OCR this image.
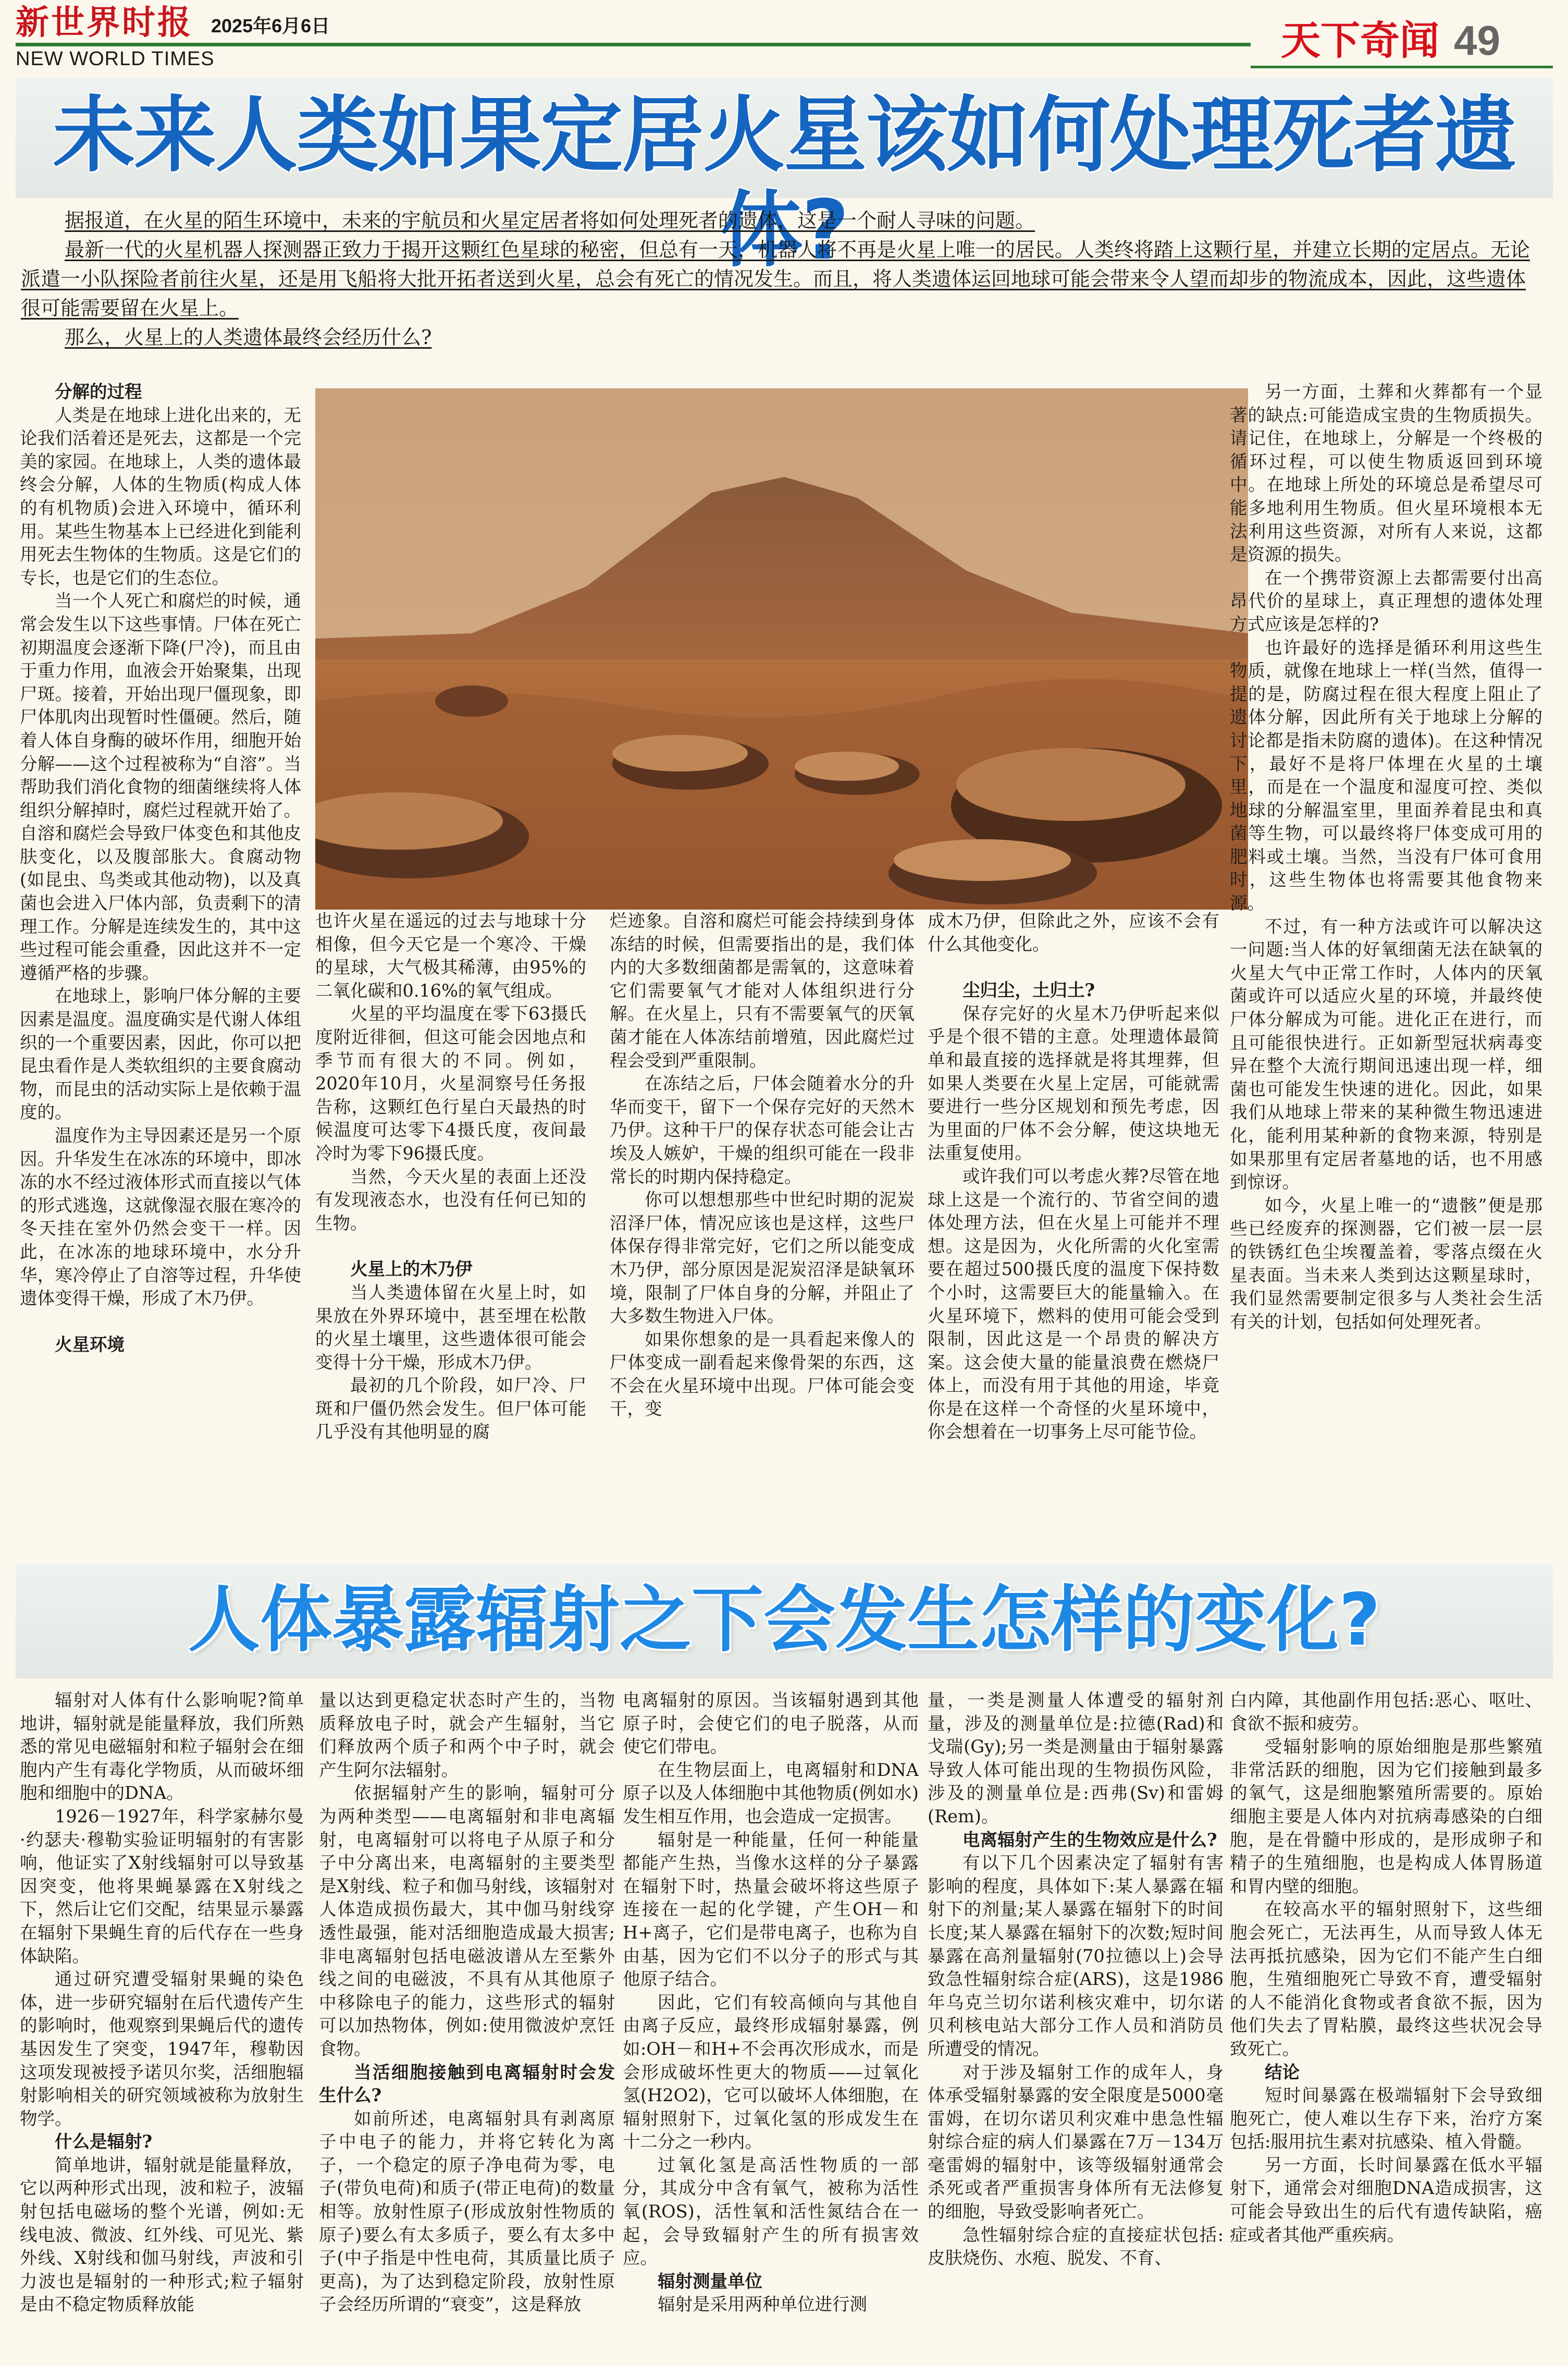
新世界时报 2025年6月6日
NEW WORLD TIMES	天下奇闻 49
未来人类如果定居火星该如何处理死者遗体?

据报道，在火星的陌生环境中，未来的宇航员和火星定居者将如何处理死者的遗体，这是一个耐人寻味的问题。

最新一代的火星机器人探测器正致力于揭开这颗红色星球的秘密，但总有一天，机器人将不再是火星上唯一的居民。人类终将踏上这颗行星，并建立长期的定居点。无论派遣一小队探险者前往火星，还是用飞船将大批开拓者送到火星，总会有死亡的情况发生。而且，将人类遗体运回地球可能会带来令人望而却步的物流成本，因此，这些遗体很可能需要留在火星上。

那么，火星上的人类遗体最终会经历什么?

分解的过程

人类是在地球上进化出来的，无论我们活着还是死去，这都是一个完美的家园。在地球上，人类的遗体最终会分解，人体的生物质(构成人体的有机物质)会进入环境中，循环利用。某些生物基本上已经进化到能利用死去生物体的生物质。这是它们的专长，也是它们的生态位。

当一个人死亡和腐烂的时候，通常会发生以下这些事情。尸体在死亡初期温度会逐渐下降(尸冷)，而且由于重力作用，血液会开始聚集，出现尸斑。接着，开始出现尸僵现象，即尸体肌肉出现暂时性僵硬。然后，随着人体自身酶的破坏作用，细胞开始分解——这个过程被称为“自溶”。当帮助我们消化食物的细菌继续将人体组织分解掉时，腐烂过程就开始了。自溶和腐烂会导致尸体变色和其他皮肤变化，以及腹部胀大。食腐动物(如昆虫、鸟类或其他动物)，以及真菌也会进入尸体内部，负责剩下的清理工作。分解是连续发生的，其中这些过程可能会重叠，因此这并不一定遵循严格的步骤。

在地球上，影响尸体分解的主要因素是温度。温度确实是代谢人体组织的一个重要因素，因此，你可以把昆虫看作是人类软组织的主要食腐动物，而昆虫的活动实际上是依赖于温度的。

温度作为主导因素还是另一个原因。升华发生在冰冻的环境中，即冰冻的水不经过液体形式而直接以气体的形式逃逸，这就像湿衣服在寒冷的冬天挂在室外仍然会变干一样。因此，在冰冻的地球环境中，水分升华，寒冷停止了自溶等过程，升华使遗体变得干燥，形成了木乃伊。

火星环境

也许火星在遥远的过去与地球十分相像，但今天它是一个寒冷、干燥的星球，大气极其稀薄，由95%的二氧化碳和0.16%的氧气组成。

火星的平均温度在零下63摄氏度附近徘徊，但这可能会因地点和季节而有很大的不同。例如，2020年10月，火星洞察号任务报告称，这颗红色行星白天最热的时候温度可达零下4摄氏度，夜间最冷时为零下96摄氏度。

当然，今天火星的表面上还没有发现液态水，也没有任何已知的生物。

火星上的木乃伊

当人类遗体留在火星上时，如果放在外界环境中，甚至埋在松散的火星土壤里，这些遗体很可能会变得十分干燥，形成木乃伊。

最初的几个阶段，如尸冷、尸斑和尸僵仍然会发生。但尸体可能几乎没有其他明显的腐

烂迹象。自溶和腐烂可能会持续到身体冻结的时候，但需要指出的是，我们体内的大多数细菌都是需氧的，这意味着它们需要氧气才能对人体组织进行分解。在火星上，只有不需要氧气的厌氧菌才能在人体冻结前增殖，因此腐烂过程会受到严重限制。

在冻结之后，尸体会随着水分的升华而变干，留下一个保存完好的天然木乃伊。这种干尸的保存状态可能会让古埃及人嫉妒，干燥的组织可能在一段非常长的时期内保持稳定。

你可以想想那些中世纪时期的泥炭沼泽尸体，情况应该也是这样，这些尸体保存得非常完好，它们之所以能变成木乃伊，部分原因是泥炭沼泽是缺氧环境，限制了尸体自身的分解，并阻止了大多数生物进入尸体。

如果你想象的是一具看起来像人的尸体变成一副看起来像骨架的东西，这不会在火星环境中出现。尸体可能会变干，变

成木乃伊，但除此之外，应该不会有什么其他变化。

尘归尘，土归土?

保存完好的火星木乃伊听起来似乎是个很不错的主意。处理遗体最简单和最直接的选择就是将其埋葬，但如果人类要在火星上定居，可能就需要进行一些分区规划和预先考虑，因为里面的尸体不会分解，使这块地无法重复使用。

或许我们可以考虑火葬?尽管在地球上这是一个流行的、节省空间的遗体处理方法，但在火星上可能并不理想。这是因为，火化所需的火化室需要在超过500摄氏度的温度下保持数个小时，这需要巨大的能量输入。在火星环境下，燃料的使用可能会受到限制，因此这是一个昂贵的解决方案。这会使大量的能量浪费在燃烧尸体上，而没有用于其他的用途，毕竟你是在这样一个奇怪的火星环境中，你会想着在一切事务上尽可能节俭。

另一方面，土葬和火葬都有一个显著的缺点:可能造成宝贵的生物质损失。请记住，在地球上，分解是一个终极的循环过程，可以使生物质返回到环境中。在地球上所处的环境总是希望尽可能多地利用生物质。但火星环境根本无法利用这些资源，对所有人来说，这都是资源的损失。

在一个携带资源上去都需要付出高昂代价的星球上，真正理想的遗体处理方式应该是怎样的?

也许最好的选择是循环利用这些生物质，就像在地球上一样(当然，值得一提的是，防腐过程在很大程度上阻止了遗体分解，因此所有关于地球上分解的讨论都是指未防腐的遗体)。在这种情况下，最好不是将尸体埋在火星的土壤里，而是在一个温度和湿度可控、类似地球的分解温室里，里面养着昆虫和真菌等生物，可以最终将尸体变成可用的肥料或土壤。当然，当没有尸体可食用时，这些生物体也将需要其他食物来源。

不过，有一种方法或许可以解决这一问题:当人体的好氧细菌无法在缺氧的火星大气中正常工作时，人体内的厌氧菌或许可以适应火星的环境，并最终使尸体分解成为可能。进化正在进行，而且可能很快进行。正如新型冠状病毒变异在整个大流行期间迅速出现一样，细菌也可能发生快速的进化。因此，如果我们从地球上带来的某种微生物迅速进化，能利用某种新的食物来源，特别是如果那里有定居者墓地的话，也不用感到惊讶。

如今，火星上唯一的“遗骸”便是那些已经废弃的探测器，它们被一层一层的铁锈红色尘埃覆盖着，零落点缀在火星表面。当未来人类到达这颗星球时，我们显然需要制定很多与人类社会生活有关的计划，包括如何处理死者。

人体暴露辐射之下会发生怎样的变化?

辐射对人体有什么影响呢?简单地讲，辐射就是能量释放，我们所熟悉的常见电磁辐射和粒子辐射会在细胞内产生有毒化学物质，从而破坏细胞和细胞中的DNA。

1926－1927年，科学家赫尔曼·约瑟夫·穆勒实验证明辐射的有害影响，他证实了X射线辐射可以导致基因突变，他将果蝇暴露在X射线之下，然后让它们交配，结果显示暴露在辐射下果蝇生育的后代存在一些身体缺陷。

通过研究遭受辐射果蝇的染色体，进一步研究辐射在后代遗传产生的影响时，他观察到果蝇后代的遗传基因发生了突变，1947年，穆勒因这项发现被授予诺贝尔奖，活细胞辐射影响相关的研究领域被称为放射生物学。

什么是辐射?

简单地讲，辐射就是能量释放，它以两种形式出现，波和粒子，波辐射包括电磁场的整个光谱，例如:无线电波、微波、红外线、可见光、紫外线、X射线和伽马射线，声波和引力波也是辐射的一种形式;粒子辐射是由不稳定物质释放能

量以达到更稳定状态时产生的，当物质释放电子时，就会产生辐射，当它们释放两个质子和两个中子时，就会产生阿尔法辐射。

依据辐射产生的影响，辐射可分为两种类型——电离辐射和非电离辐射，电离辐射可以将电子从原子和分子中分离出来，电离辐射的主要类型是X射线、粒子和伽马射线，该辐射对人体造成损伤最大，其中伽马射线穿透性最强，能对活细胞造成最大损害;非电离辐射包括电磁波谱从左至紫外线之间的电磁波，不具有从其他原子中移除电子的能力，这些形式的辐射可以加热物体，例如:使用微波炉烹饪食物。

当活细胞接触到电离辐射时会发生什么?

如前所述，电离辐射具有剥离原子中电子的能力，并将它转化为离子，一个稳定的原子净电荷为零，电子(带负电荷)和质子(带正电荷)的数量相等。放射性原子(形成放射性物质的原子)要么有太多质子，要么有太多中子(中子指是中性电荷，其质量比质子更高)，为了达到稳定阶段，放射性原子会经历所谓的“衰变”，这是释放

电离辐射的原因。当该辐射遇到其他原子时，会使它们的电子脱落，从而使它们带电。

在生物层面上，电离辐射和DNA原子以及人体细胞中其他物质(例如水)发生相互作用，也会造成一定损害。

辐射是一种能量，任何一种能量都能产生热，当像水这样的分子暴露在辐射下时，热量会破坏将这些原子连接在一起的化学键，产生OH－和H+离子，它们是带电离子，也称为自由基，因为它们不以分子的形式与其他原子结合。

因此，它们有较高倾向与其他自由离子反应，最终形成辐射暴露，例如:OH－和H+不会再次形成水，而是会形成破坏性更大的物质——过氧化氢(H2O2)，它可以破坏人体细胞，在辐射照射下，过氧化氢的形成发生在十二分之一秒内。

过氧化氢是高活性物质的一部分，其成分中含有氧气，被称为活性氧(ROS)，活性氧和活性氮结合在一起，会导致辐射产生的所有损害效应。

辐射测量单位

辐射是采用两种单位进行测

量，一类是测量人体遭受的辐射剂量，涉及的测量单位是:拉德(Rad)和戈瑞(Gy);另一类是测量由于辐射暴露导致人体可能出现的生物损伤风险，涉及的测量单位是:西弗(Sv)和雷姆(Rem)。

电离辐射产生的生物效应是什么?

有以下几个因素决定了辐射有害影响的程度，具体如下:某人暴露在辐射下的剂量;某人暴露在辐射下的时间长度;某人暴露在辐射下的次数;短时间暴露在高剂量辐射(70拉德以上)会导致急性辐射综合症(ARS)，这是1986年乌克兰切尔诺利核灾难中，切尔诺贝利核电站大部分工作人员和消防员所遭受的情况。

对于涉及辐射工作的成年人，身体承受辐射暴露的安全限度是5000毫雷姆，在切尔诺贝利灾难中患急性辐射综合症的病人们暴露在7万－134万毫雷姆的辐射中，该等级辐射通常会杀死或者严重损害身体所有无法修复的细胞，导致受影响者死亡。

急性辐射综合症的直接症状包括:皮肤烧伤、水疱、脱发、不育、

白内障，其他副作用包括:恶心、呕吐、食欲不振和疲劳。

受辐射影响的原始细胞是那些繁殖非常活跃的细胞，因为它们接触到最多的氧气，这是细胞繁殖所需要的。原始细胞主要是人体内对抗病毒感染的白细胞，是在骨髓中形成的，是形成卵子和精子的生殖细胞，也是构成人体胃肠道和胃内壁的细胞。

在较高水平的辐射照射下，这些细胞会死亡，无法再生，从而导致人体无法再抵抗感染，因为它们不能产生白细胞，生殖细胞死亡导致不育，遭受辐射的人不能消化食物或者食欲不振，因为他们失去了胃粘膜，最终这些状况会导致死亡。

结论

短时间暴露在极端辐射下会导致细胞死亡，使人难以生存下来，治疗方案包括:服用抗生素对抗感染、植入骨髓。

另一方面，长时间暴露在低水平辐射下，通常会对细胞DNA造成损害，这可能会导致出生的后代有遗传缺陷，癌症或者其他严重疾病。
